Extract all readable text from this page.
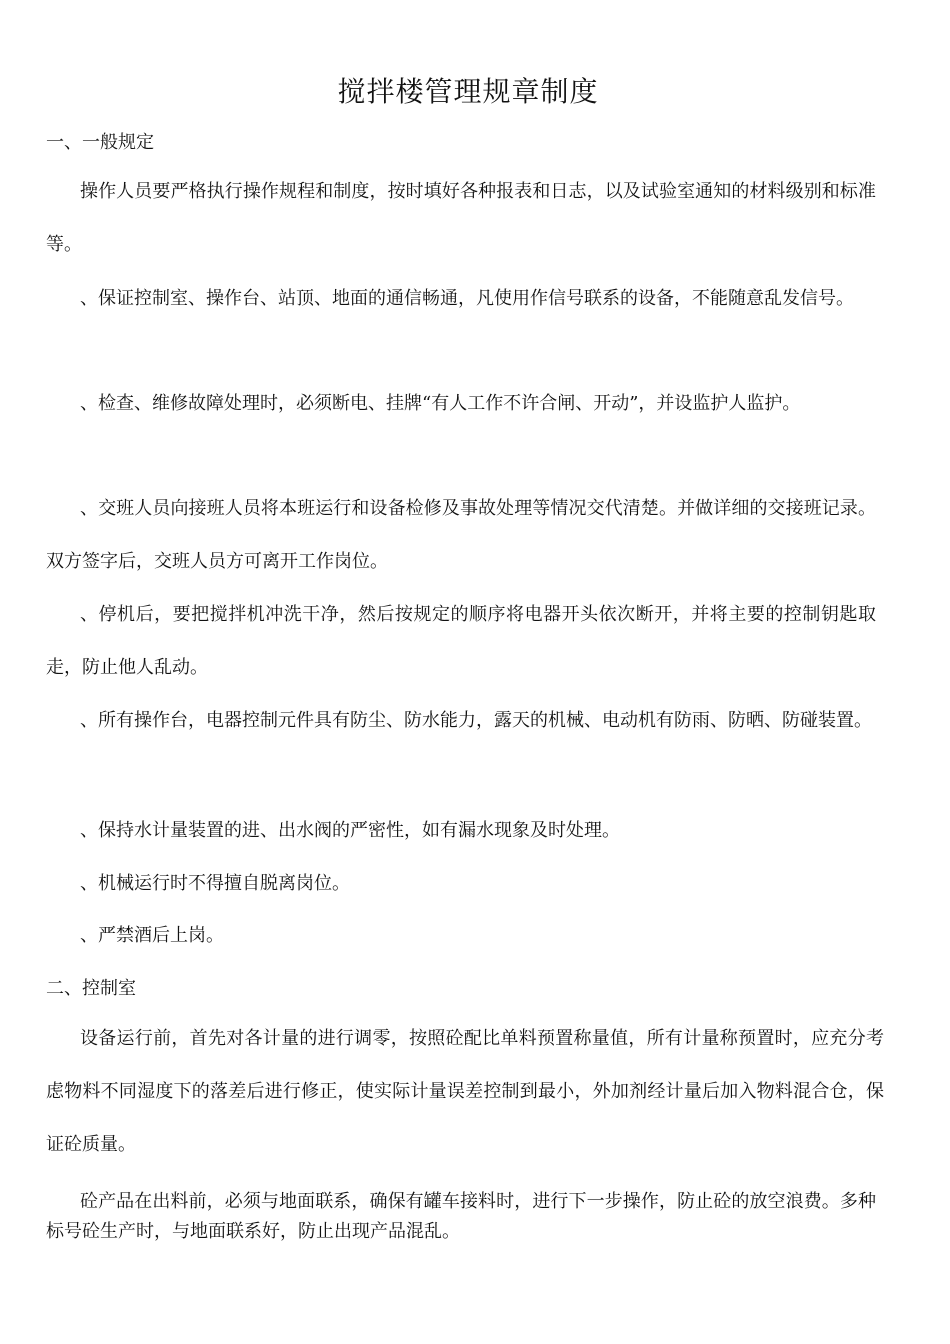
搅拌楼管理规章制度
一、一般规定
操作人员要严格执行操作规程和制度，按时填好各种报表和日志，以及试验室通知的材料级别和标准等。
、保证控制室、操作台、站顶、地面的通信畅通，凡使用作信号联系的设备，不能随意乱发信号。
、检查、维修故障处理时，必须断电、挂牌“有人工作不许合闸、开动”，并设监护人监护。
、交班人员向接班人员将本班运行和设备检修及事故处理等情况交代清楚。并做详细的交接班记录。双方签字后，交班人员方可离开工作岗位。
、停机后，要把搅拌机冲洗干净，然后按规定的顺序将电器开头依次断开，并将主要的控制钥匙取走，防止他人乱动。
、所有操作台，电器控制元件具有防尘、防水能力，露天的机械、电动机有防雨、防晒、防碰装置。
、保持水计量装置的进、出水阀的严密性，如有漏水现象及时处理。
、机械运行时不得擅自脱离岗位。
、严禁酒后上岗。
二、控制室
设备运行前，首先对各计量的进行调零，按照砼配比单料预置称量值，所有计量称预置时，应充分考虑物料不同湿度下的落差后进行修正，使实际计量误差控制到最小，外加剂经计量后加入物料混合仓，保证砼质量。
砼产品在出料前，必须与地面联系，确保有罐车接料时，进行下一步操作，防止砼的放空浪费。多种标号砼生产时，与地面联系好，防止出现产品混乱。
